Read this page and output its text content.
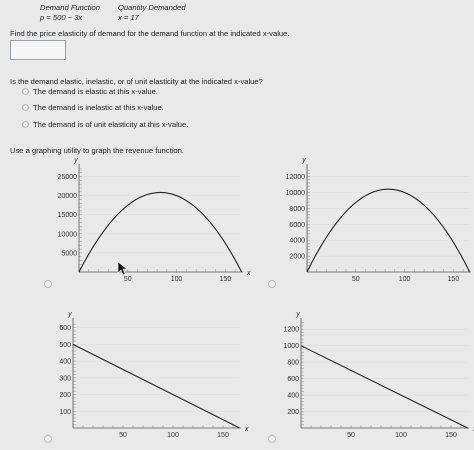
Demand Function
p = 500 − 3x
Quantity Demanded
x = 17
Find the price elasticity of demand for the demand function at the indicated x-value.
Is the demand elastic, inelastic, or of unit elasticity at the indicated x-value?
The demand is elastic at this x-value.
The demand is inelastic at this x-value.
The demand is of unit elasticity at this x-value.
Use a graphing utility to graph the revenue function.
25000
20000
15000
10000
5000
50	100	150
y
x
12000
10000
8000
6000
4000
2000
50	100	150
y
600
500
400
300
200
100
50	100	150
y
x
1200
1000
800
600
400
200
50	100	150
y
